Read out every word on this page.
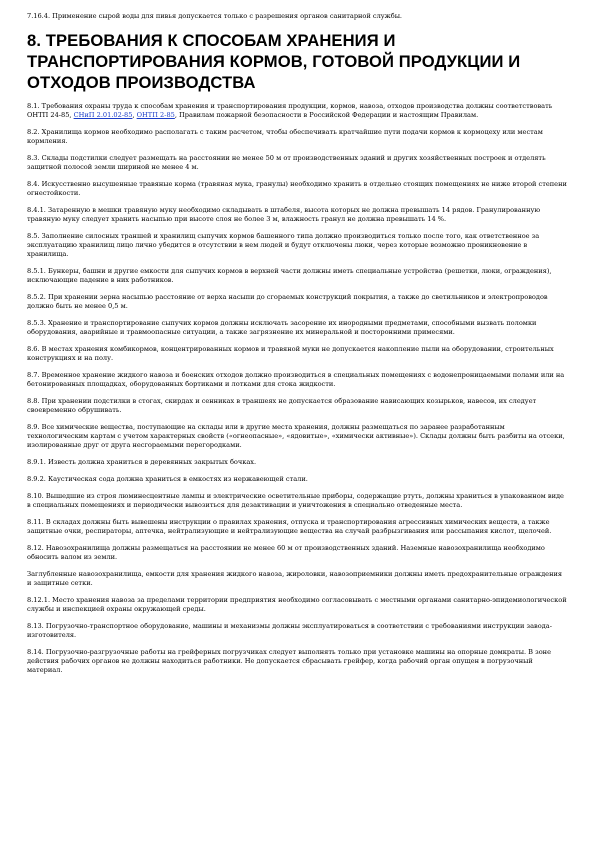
7.16.4. Применение сырой воды для пивья допускается только с разрешения органов санитарной службы.
8. ТРЕБОВАНИЯ К СПОСОБАМ ХРАНЕНИЯ И ТРАНСПОРТИРОВАНИЯ КОРМОВ, ГОТОВОЙ ПРОДУКЦИИ И ОТХОДОВ ПРОИЗВОДСТВА
8.1. Требования охраны труда к способам хранения и транспортирования продукции, кормов, навоза, отходов производства должны соответствовать ОНТП 24-85, СНиП 2.01.02-85, ОНТП 2-85, Правилам пожарной безопасности в Российской Федерации и настоящим Правилам.
8.2. Хранилища кормов необходимо располагать с таким расчетом, чтобы обеспечивать кратчайшие пути подачи кормов к кормоцеху или местам кормления.
8.3. Склады подстилки следует размещать на расстоянии не менее 50 м от производственных зданий и других хозяйственных построек и отделять защитной полосой земли шириной не менее 4 м.
8.4. Искусственно высушенные травяные корма (травяная мука, гранулы) необходимо хранить в отдельно стоящих помещениях не ниже второй степени огнестойкости.
8.4.1. Затаренную в мешки травяную муку необходимо складывать в штабеля, высота которых не должна превышать 14 рядов. Гранулированную травяную муку следует хранить насыпью при высоте слоя не более 3 м, влажность гранул не должна превышать 14 %.
8.5. Заполнение силосных траншей и хранилищ сыпучих кормов башенного типа должно производиться только после того, как ответственное за эксплуатацию хранилищ лицо лично убедится в отсутствии в нем людей и будут отключены люки, через которые возможно проникновение в хранилища.
8.5.1. Бункеры, башни и другие емкости для сыпучих кормов в верхней части должны иметь специальные устройства (решетки, люки, ограждения), исключающие падение в них работников.
8.5.2. При хранении зерна насыпью расстояние от верха насыпи до сгораемых конструкций покрытия, а также до светильников и электропроводов должно быть не менее 0,5 м.
8.5.3. Хранение и транспортирование сыпучих кормов должны исключать засорение их инородными предметами, способными вызвать поломки оборудования, аварийные и травмоопасные ситуации, а также загрязнение их минеральной и посторонними примесями.
8.6. В местах хранения комбикормов, концентрированных кормов и травяной муки не допускается накопление пыли на оборудовании, строительных конструкциях и на полу.
8.7. Временное хранение жидкого навоза и боенских отходов должно производиться в специальных помещениях с водонепроницаемыми полами или на бетонированных площадках, оборудованных бортиками и лотками для стока жидкости.
8.8. При хранении подстилки в стогах, скирдах и сенниках в траншеях не допускается образование нависающих козырьков, навесов, их следует своевременно обрушивать.
8.9. Все химические вещества, поступающие на склады или в другие места хранения, должны размещаться по заранее разработанным технологическим картам с учетом характерных свойств («огнеопасные», «ядовитые», «химически активные»). Склады должны быть разбиты на отсеки, изолированные друг от друга несгораемыми перегородками.
8.9.1. Известь должна храниться в деревянных закрытых бочках.
8.9.2. Каустическая сода должна храниться в емкостях из нержавеющей стали.
8.10. Вышедшие из строя люминесцентные лампы и электрические осветительные приборы, содержащие ртуть, должны храниться в упакованном виде в специальных помещениях и периодически вывозиться для дезактивации и уничтожения в специально отведенные места.
8.11. В складах должны быть вывешены инструкции о правилах хранения, отпуска и транспортирования агрессивных химических веществ, а также защитные очки, респираторы, аптечка, нейтрализующие и нейтрализующие вещества на случай разбрызгивания или рассыпания кислот, щелочей.
8.12. Навозохранилища должны размещаться на расстоянии не менее 60 м от производственных зданий. Наземные навозохранилища необходимо обносить валом из земли.
Заглубленные навозохранилища, емкости для хранения жидкого навоза, жироловки, навозоприемники должны иметь предохранительные ограждения и защитные сетки.
8.12.1. Место хранения навоза за пределами территории предприятия необходимо согласовывать с местными органами санитарно-эпидемиологической службы и инспекцией охраны окружающей среды.
8.13. Погрузочно-транспортное оборудование, машины и механизмы должны эксплуатироваться в соответствии с требованиями инструкции завода-изготовителя.
8.14. Погрузочно-разгрузочные работы на грейферных погрузчиках следует выполнять только при установке машины на опорные домкраты. В зоне действия рабочих органов не должны находиться работники. Не допускается сбрасывать грейфер, когда рабочий орган опущен в погрузочный материал.
